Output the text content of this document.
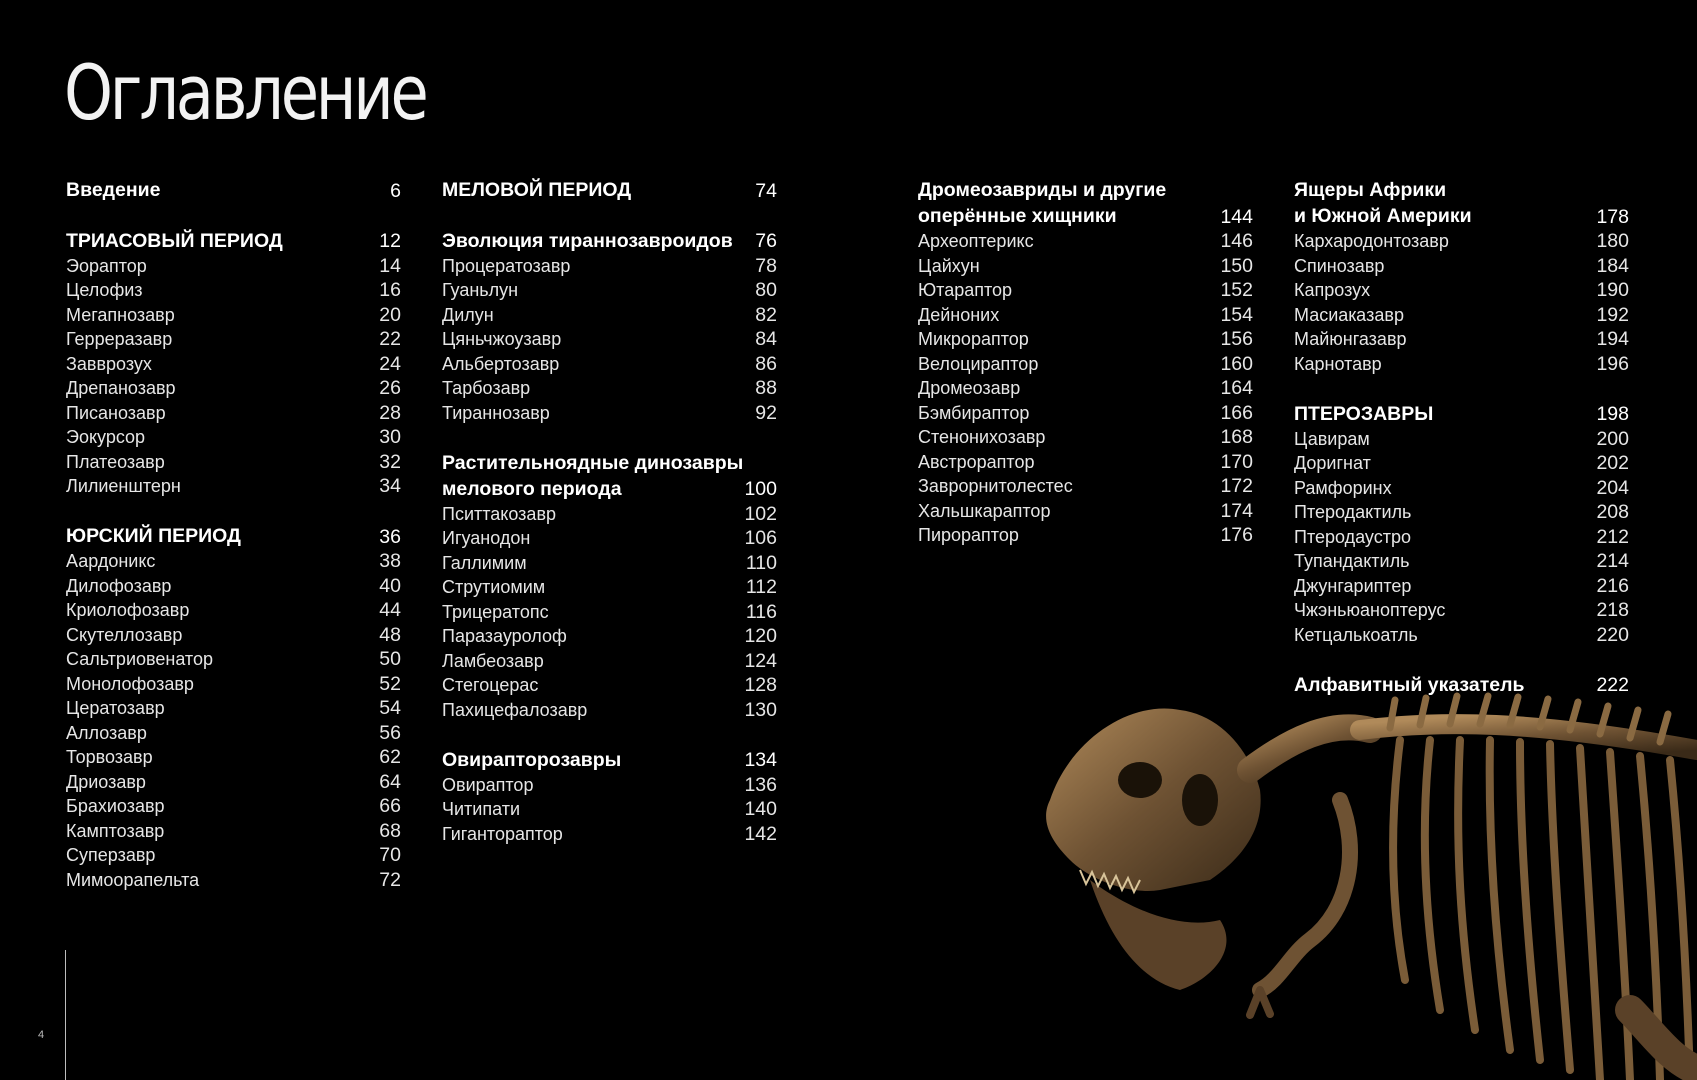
Оглавление
Введение	6
ТРИАСОВЫЙ ПЕРИОД	12
Эораптор	14
Целофиз	16
Мегапнозавр	20
Герреразавр	22
Завврозух	24
Дрепанозавр	26
Писанозавр	28
Эокурсор	30
Платеозавр	32
Лилиенштерн	34
ЮРСКИЙ ПЕРИОД	36
Аардоникс	38
Дилофозавр	40
Криолофозавр	44
Скутеллозавр	48
Сальтриовенатор	50
Монолофозавр	52
Цератозавр	54
Аллозавр	56
Торвозавр	62
Дриозавр	64
Брахиозавр	66
Камптозавр	68
Суперзавр	70
Мимоорапельта	72
МЕЛОВОЙ ПЕРИОД	74
Эволюция тираннозавроидов	76
Процератозавр	78
Гуаньлун	80
Дилун	82
Цяньчжоузавр	84
Альбертозавр	86
Тарбозавр	88
Тираннозавр	92
Растительноядные динозавры
мелового периода	100
Пситтакозавр	102
Игуанодон	106
Галлимим	110
Струтиомим	112
Трицератопс	116
Паразауролоф	120
Ламбеозавр	124
Стегоцерас	128
Пахицефалозавр	130
Овирапторозавры	134
Овираптор	136
Читипати	140
Гиганторaптор	142
Дромеозавриды и другие
оперённые хищники	144
Археоптерикс	146
Цайхун	150
Ютараптор	152
Дейноних	154
Микрораптор	156
Велоцираптор	160
Дромеозавр	164
Бэмбираптор	166
Стенонихозавр	168
Австрораптор	170
Заврорнитолестес	172
Хальшкараптор	174
Пирораптор	176
Ящеры Африки
и Южной Америки	178
Кархародонтозавр	180
Спинозавр	184
Капрозух	190
Масиакaзавр	192
Майюнгазавр	194
Карнотавр	196
ПТЕРОЗАВРЫ	198
Цавирам	200
Доригнат	202
Рамфоринх	204
Птеродактиль	208
Птеродаустро	212
Тупандактиль	214
Джунгариптер	216
Чжэньюаноптерус	218
Кетцалькоатль	220
Алфавитный указатель	222
4
